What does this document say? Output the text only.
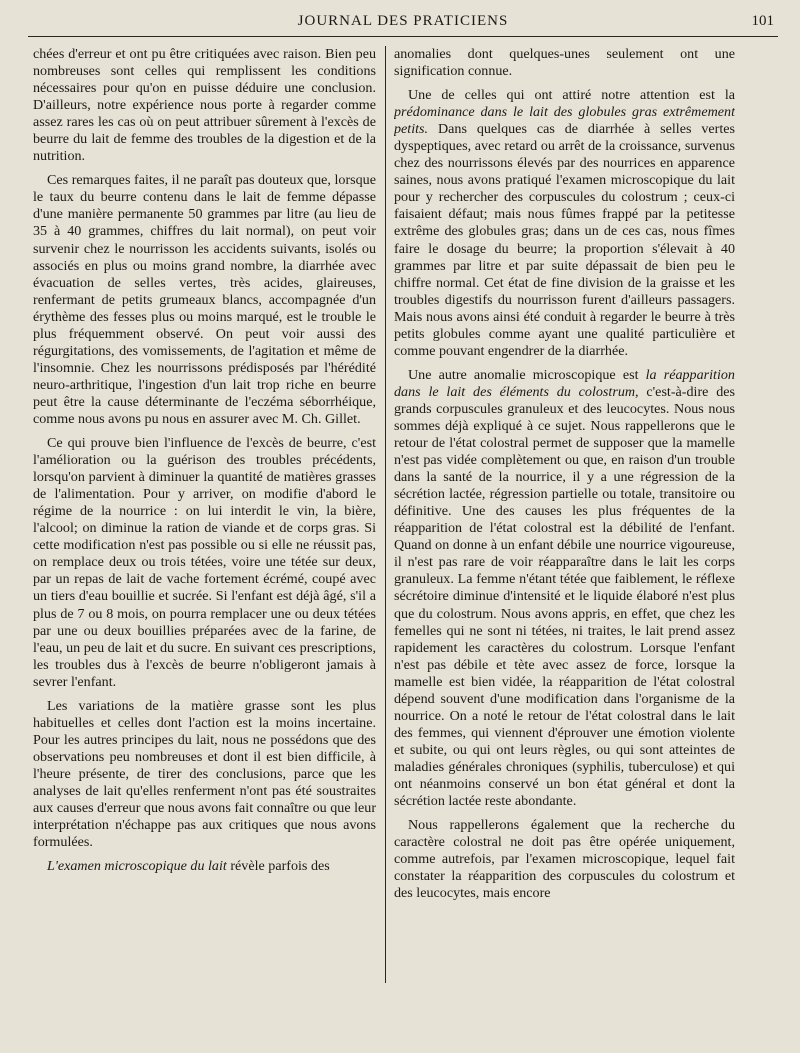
JOURNAL DES PRATICIENS	101

chées d'erreur et ont pu être critiquées avec raison. Bien peu nombreuses sont celles qui remplissent les conditions nécessaires pour qu'on en puisse déduire une conclusion. D'ailleurs, notre expérience nous porte à regarder comme assez rares les cas où on peut attribuer sûrement à l'excès de beurre du lait de femme des troubles de la digestion et de la nutrition.

Ces remarques faites, il ne paraît pas douteux que, lorsque le taux du beurre contenu dans le lait de femme dépasse d'une manière permanente 50 grammes par litre (au lieu de 35 à 40 grammes, chiffres du lait normal), on peut voir survenir chez le nourrisson les accidents suivants, isolés ou associés en plus ou moins grand nombre, la diarrhée avec évacuation de selles vertes, très acides, glaireuses, renfermant de petits grumeaux blancs, accompagnée d'un érythème des fesses plus ou moins marqué, est le trouble le plus fréquemment observé. On peut voir aussi des régurgitations, des vomissements, de l'agitation et même de l'insomnie. Chez les nourrissons prédisposés par l'hérédité neuro-arthritique, l'ingestion d'un lait trop riche en beurre peut être la cause déterminante de l'eczéma séborrhéique, comme nous avons pu nous en assurer avec M. Ch. Gillet.

Ce qui prouve bien l'influence de l'excès de beurre, c'est l'amélioration ou la guérison des troubles précédents, lorsqu'on parvient à diminuer la quantité de matières grasses de l'alimentation. Pour y arriver, on modifie d'abord le régime de la nourrice : on lui interdit le vin, la bière, l'alcool; on diminue la ration de viande et de corps gras. Si cette modification n'est pas possible ou si elle ne réussit pas, on remplace deux ou trois tétées, voire une tétée sur deux, par un repas de lait de vache fortement écrémé, coupé avec un tiers d'eau bouillie et sucrée. Si l'enfant est déjà âgé, s'il a plus de 7 ou 8 mois, on pourra remplacer une ou deux tétées par une ou deux bouillies préparées avec de la farine, de l'eau, un peu de lait et du sucre. En suivant ces prescriptions, les troubles dus à l'excès de beurre n'obligeront jamais à sevrer l'enfant.

Les variations de la matière grasse sont les plus habituelles et celles dont l'action est la moins incertaine. Pour les autres principes du lait, nous ne possédons que des observations peu nombreuses et dont il est bien difficile, à l'heure présente, de tirer des conclusions, parce que les analyses de lait qu'elles renferment n'ont pas été soustraites aux causes d'erreur que nous avons fait connaître ou que leur interprétation n'échappe pas aux critiques que nous avons formulées.

L'examen microscopique du lait révèle parfois des

anomalies dont quelques-unes seulement ont une signification connue.

Une de celles qui ont attiré notre attention est la prédominance dans le lait des globules gras extrêmement petits. Dans quelques cas de diarrhée à selles vertes dyspeptiques, avec retard ou arrêt de la croissance, survenus chez des nourrissons élevés par des nourrices en apparence saines, nous avons pratiqué l'examen microscopique du lait pour y rechercher des corpuscules du colostrum ; ceux-ci faisaient défaut; mais nous fûmes frappé par la petitesse extrême des globules gras; dans un de ces cas, nous fîmes faire le dosage du beurre; la proportion s'élevait à 40 grammes par litre et par suite dépassait de bien peu le chiffre normal. Cet état de fine division de la graisse et les troubles digestifs du nourrisson furent d'ailleurs passagers. Mais nous avons ainsi été conduit à regarder le beurre à très petits globules comme ayant une qualité particulière et comme pouvant engendrer de la diarrhée.

Une autre anomalie microscopique est la réapparition dans le lait des éléments du colostrum, c'est-à-dire des grands corpuscules granuleux et des leucocytes. Nous nous sommes déjà expliqué à ce sujet. Nous rappellerons que le retour de l'état colostral permet de supposer que la mamelle n'est pas vidée complètement ou que, en raison d'un trouble dans la santé de la nourrice, il y a une régression de la sécrétion lactée, régression partielle ou totale, transitoire ou définitive. Une des causes les plus fréquentes de la réapparition de l'état colostral est la débilité de l'enfant. Quand on donne à un enfant débile une nourrice vigoureuse, il n'est pas rare de voir réapparaître dans le lait les corps granuleux. La femme n'étant tétée que faiblement, le réflexe sécrétoire diminue d'intensité et le liquide élaboré n'est plus que du colostrum. Nous avons appris, en effet, que chez les femelles qui ne sont ni tétées, ni traites, le lait prend assez rapidement les caractères du colostrum. Lorsque l'enfant n'est pas débile et tète avec assez de force, lorsque la mamelle est bien vidée, la réapparition de l'état colostral dépend souvent d'une modification dans l'organisme de la nourrice. On a noté le retour de l'état colostral dans le lait des femmes, qui viennent d'éprouver une émotion violente et subite, ou qui ont leurs règles, ou qui sont atteintes de maladies générales chroniques (syphilis, tuberculose) et qui ont néanmoins conservé un bon état général et dont la sécrétion lactée reste abondante.

Nous rappellerons également que la recherche du caractère colostral ne doit pas être opérée uniquement, comme autrefois, par l'examen microscopique, lequel fait constater la réapparition des corpuscules du colostrum et des leucocytes, mais encore
